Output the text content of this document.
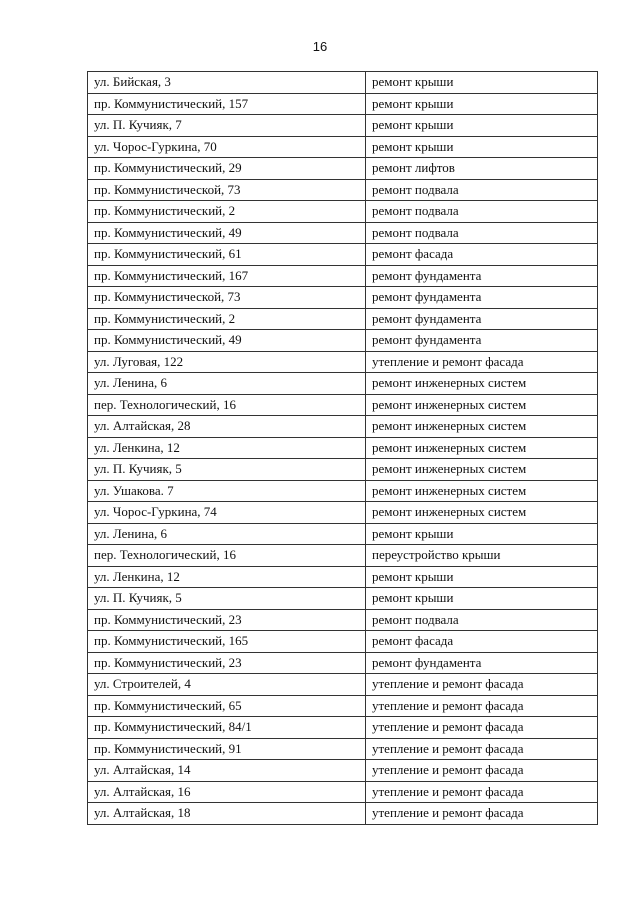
16
ул. Бийская, 3	ремонт крыши
пр. Коммунистический, 157	ремонт крыши
ул. П. Кучияк, 7	ремонт крыши
ул. Чорос-Гуркина, 70	ремонт крыши
пр. Коммунистический, 29	ремонт лифтов
пр. Коммунистической, 73	ремонт подвала
пр. Коммунистический, 2	ремонт подвала
пр. Коммунистический, 49	ремонт подвала
пр. Коммунистический, 61	ремонт фасада
пр. Коммунистический, 167	ремонт фундамента
пр. Коммунистической, 73	ремонт фундамента
пр. Коммунистический, 2	ремонт фундамента
пр. Коммунистический, 49	ремонт фундамента
ул. Луговая, 122	утепление и ремонт фасада
ул. Ленина, 6	ремонт инженерных систем
пер. Технологический, 16	ремонт инженерных систем
ул. Алтайская, 28	ремонт инженерных систем
ул. Ленкина, 12	ремонт инженерных систем
ул. П. Кучияк, 5	ремонт инженерных систем
ул. Ушакова. 7	ремонт инженерных систем
ул. Чорос-Гуркина, 74	ремонт инженерных систем
ул. Ленина, 6	ремонт крыши
пер. Технологический, 16	переустройство крыши
ул. Ленкина, 12	ремонт крыши
ул. П. Кучияк, 5	ремонт крыши
пр. Коммунистический, 23	ремонт подвала
пр. Коммунистический, 165	ремонт фасада
пр. Коммунистический, 23	ремонт фундамента
ул. Строителей, 4	утепление и ремонт фасада
пр. Коммунистический, 65	утепление и ремонт фасада
пр. Коммунистический, 84/1	утепление и ремонт фасада
пр. Коммунистический, 91	утепление и ремонт фасада
ул. Алтайская, 14	утепление и ремонт фасада
ул. Алтайская, 16	утепление и ремонт фасада
ул. Алтайская, 18	утепление и ремонт фасада
